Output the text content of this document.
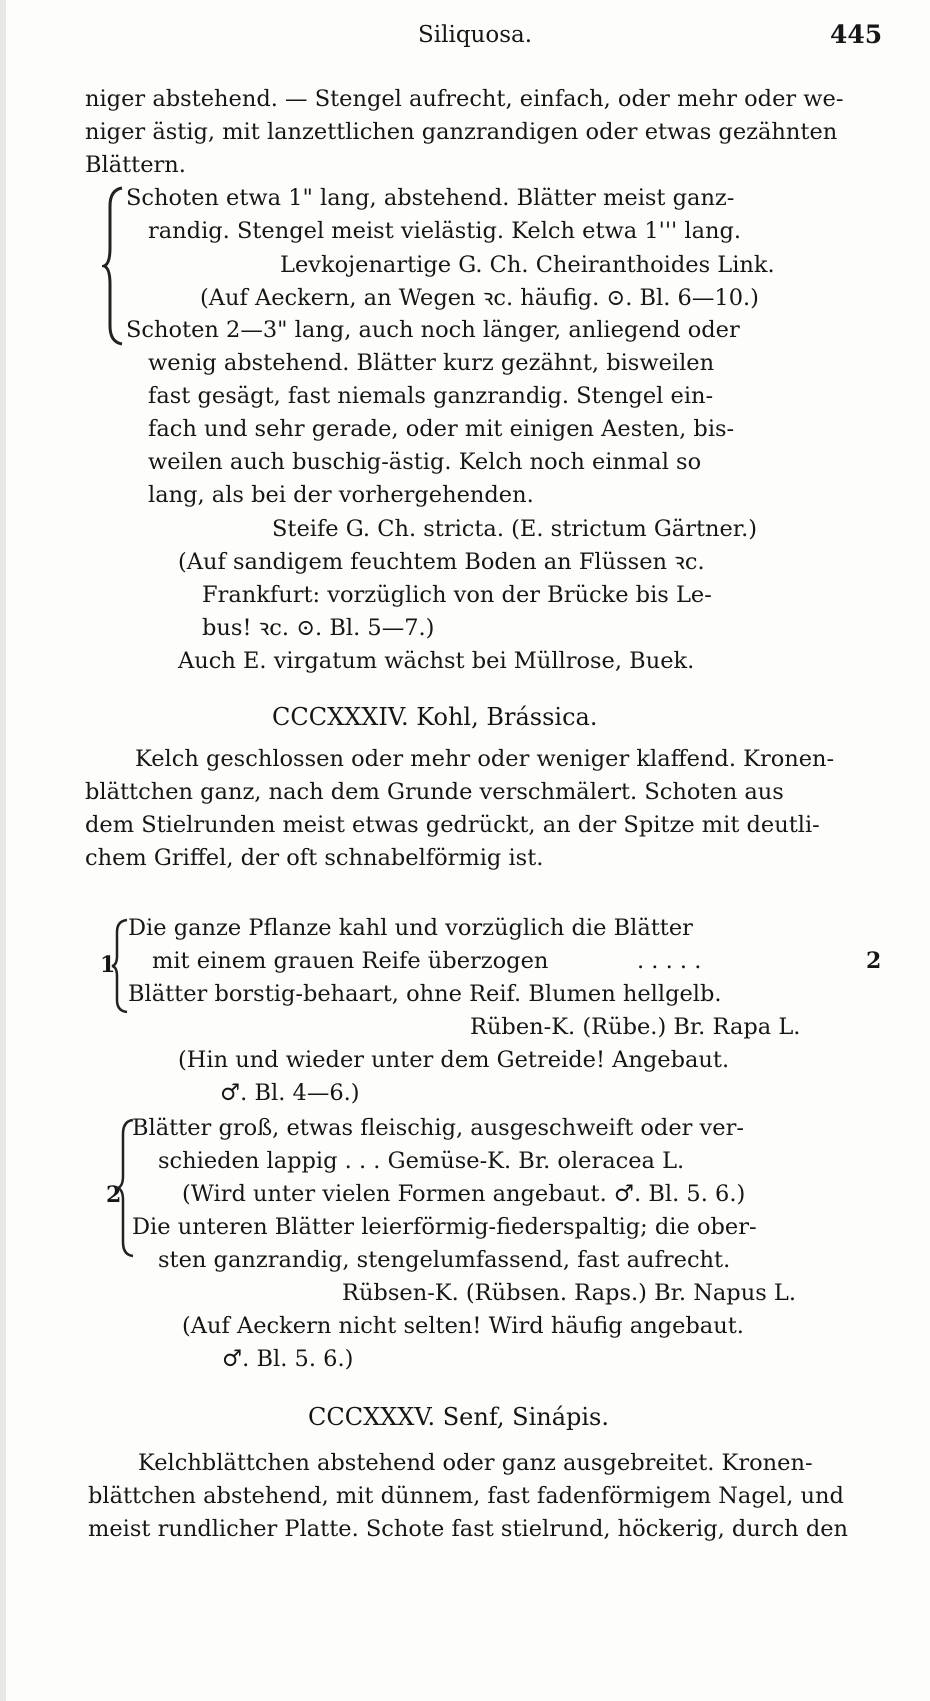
Siliquosa.	445
niger abstehend. — Stengel aufrecht, einfach, oder mehr oder we-
niger ästig, mit lanzettlichen ganzrandigen oder etwas gezähnten
Blättern.
Schoten etwa 1" lang, abstehend. Blätter meist ganz-
randig. Stengel meist vielästig. Kelch etwa 1''' lang.
Levkojenartige G. Ch. Cheiranthoides Link.
(Auf Aeckern, an Wegen ꝛc. häufig. ⊙. Bl. 6—10.)
Schoten 2—3" lang, auch noch länger, anliegend oder
wenig abstehend. Blätter kurz gezähnt, bisweilen
fast gesägt, fast niemals ganzrandig. Stengel ein-
fach und sehr gerade, oder mit einigen Aesten, bis-
weilen auch buschig-ästig. Kelch noch einmal so
lang, als bei der vorhergehenden.
Steife G. Ch. stricta. (E. strictum Gärtner.)
(Auf sandigem feuchtem Boden an Flüssen ꝛc.
Frankfurt: vorzüglich von der Brücke bis Le-
bus! ꝛc. ⊙. Bl. 5—7.)
Auch E. virgatum wächst bei Müllrose, Buek.
CCCXXXIV. Kohl, Brássica.
Kelch geschlossen oder mehr oder weniger klaffend. Kronen-
blättchen ganz, nach dem Grunde verschmälert. Schoten aus
dem Stielrunden meist etwas gedrückt, an der Spitze mit deutli-
chem Griffel, der oft schnabelförmig ist.
1
Die ganze Pflanze kahl und vorzüglich die Blätter
mit einem grauen Reife überzogen	. . . . .	2
Blätter borstig-behaart, ohne Reif. Blumen hellgelb.
Rüben-K. (Rübe.) Br. Rapa L.
(Hin und wieder unter dem Getreide! Angebaut.
♂. Bl. 4—6.)
2
Blätter groß, etwas fleischig, ausgeschweift oder ver-
schieden lappig . . . Gemüse-K. Br. oleracea L.
(Wird unter vielen Formen angebaut. ♂. Bl. 5. 6.)
Die unteren Blätter leierförmig-fiederspaltig; die ober-
sten ganzrandig, stengelumfassend, fast aufrecht.
Rübsen-K. (Rübsen. Raps.) Br. Napus L.
(Auf Aeckern nicht selten! Wird häufig angebaut.
♂. Bl. 5. 6.)
CCCXXXV. Senf, Sinápis.
Kelchblättchen abstehend oder ganz ausgebreitet. Kronen-
blättchen abstehend, mit dünnem, fast fadenförmigem Nagel, und
meist rundlicher Platte. Schote fast stielrund, höckerig, durch den
